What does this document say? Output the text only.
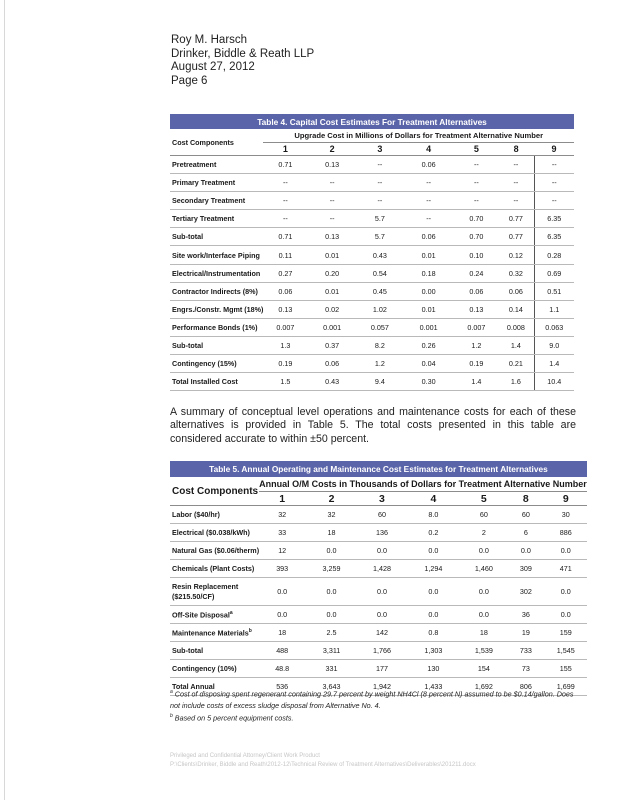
Roy M. Harsch
Drinker, Biddle & Reath LLP
August 27, 2012
Page 6
Table 4. Capital Cost Estimates For Treatment Alternatives							
Cost Components	Upgrade Cost in Millions of Dollars for Treatment Alternative Number						
	1	2	3	4	5	8	9
Pretreatment	0.71	0.13	--	0.06	--	--	--
Primary Treatment	--	--	--	--	--	--	--
Secondary Treatment	--	--	--	--	--	--	--
Tertiary Treatment	--	--	5.7	--	0.70	0.77	6.35
Sub-total	0.71	0.13	5.7	0.06	0.70	0.77	6.35
Site work/Interface Piping	0.11	0.01	0.43	0.01	0.10	0.12	0.28
Electrical/Instrumentation	0.27	0.20	0.54	0.18	0.24	0.32	0.69
Contractor Indirects (8%)	0.06	0.01	0.45	0.00	0.06	0.06	0.51
Engrs./Constr. Mgmt (18%)	0.13	0.02	1.02	0.01	0.13	0.14	1.1
Performance Bonds (1%)	0.007	0.001	0.057	0.001	0.007	0.008	0.063
Sub-total	1.3	0.37	8.2	0.26	1.2	1.4	9.0
Contingency (15%)	0.19	0.06	1.2	0.04	0.19	0.21	1.4
Total Installed Cost	1.5	0.43	9.4	0.30	1.4	1.6	10.4
A summary of conceptual level operations and maintenance costs for each of these alternatives is provided in Table 5. The total costs presented in this table are considered accurate to within ±50 percent.
Table 5. Annual Operating and Maintenance Cost Estimates for Treatment Alternatives							
Cost Components	Annual O/M Costs in Thousands of Dollars for Treatment Alternative Number						
	1	2	3	4	5	8	9
Labor ($40/hr)	32	32	60	8.0	60	60	30
Electrical ($0.038/kWh)	33	18	136	0.2	2	6	886
Natural Gas ($0.06/therm)	12	0.0	0.0	0.0	0.0	0.0	0.0
Chemicals (Plant Costs)	393	3,259	1,428	1,294	1,460	309	471
Resin Replacement ($215.50/CF)	0.0	0.0	0.0	0.0	0.0	302	0.0
Off-Site Disposal$^a$	0.0	0.0	0.0	0.0	0.0	36	0.0
Maintenance Materials$^b$	18	2.5	142	0.8	18	19	159
Sub-total	488	3,311	1,766	1,303	1,539	733	1,545
Contingency (10%)	48.8	331	177	130	154	73	155
Total Annual	536	3,643	1,942	1,433	1,692	806	1,699
$^a$ Cost of disposing spent regenerant containing 29.7 percent by weight NH4Cl (8 percent N) assumed to be $0.14/gallon. Does not include costs of excess sludge disposal from Alternative No. 4.
$^b$ Based on 5 percent equipment costs.
Privileged and Confidential Attorney/Client Work Product
P:\Clients\Drinker, Biddle and Reath\2012-12\Technical Review of Treatment Alternatives\Deliverables\201211.docx
